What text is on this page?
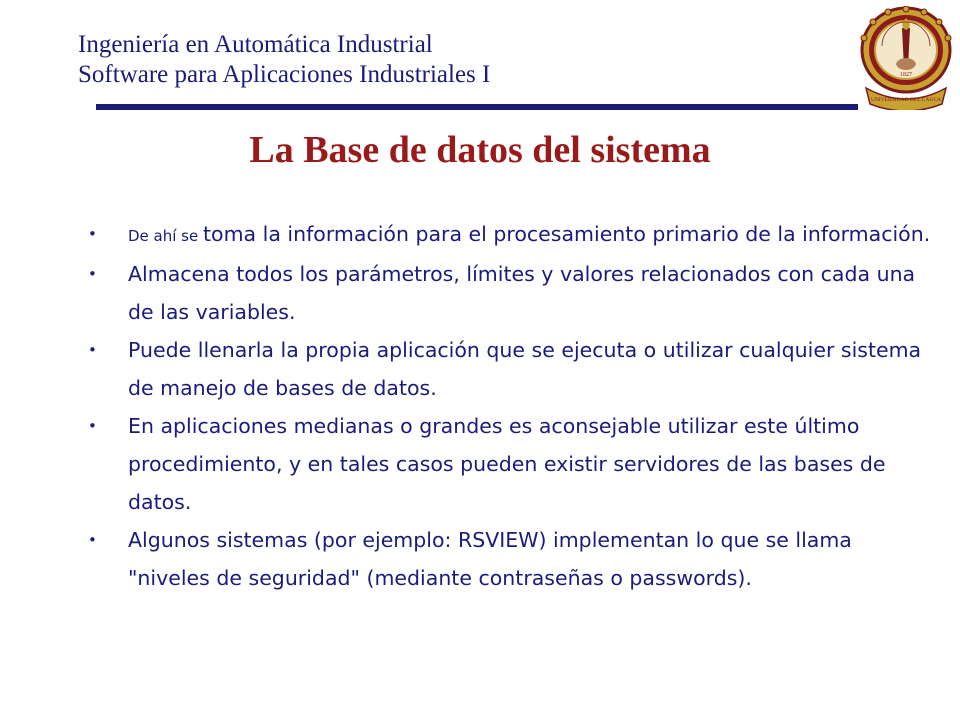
Ingeniería en Automática Industrial
Software para Aplicaciones Industriales I
UNIVERSIDAD DEL CAUCA
1827
La Base de datos del sistema
• De ahí se toma la información para el procesamiento primario de la información.
• Almacena todos los parámetros, límites y valores relacionados con cada una de las variables.
• Puede llenarla la propia aplicación que se ejecuta o utilizar cualquier sistema de manejo de bases de datos.
• En aplicaciones medianas o grandes es aconsejable utilizar este último procedimiento, y en tales casos pueden existir servidores de las bases de datos.
• Algunos sistemas (por ejemplo: RSVIEW) implementan lo que se llama "niveles de seguridad" (mediante contraseñas o passwords).
